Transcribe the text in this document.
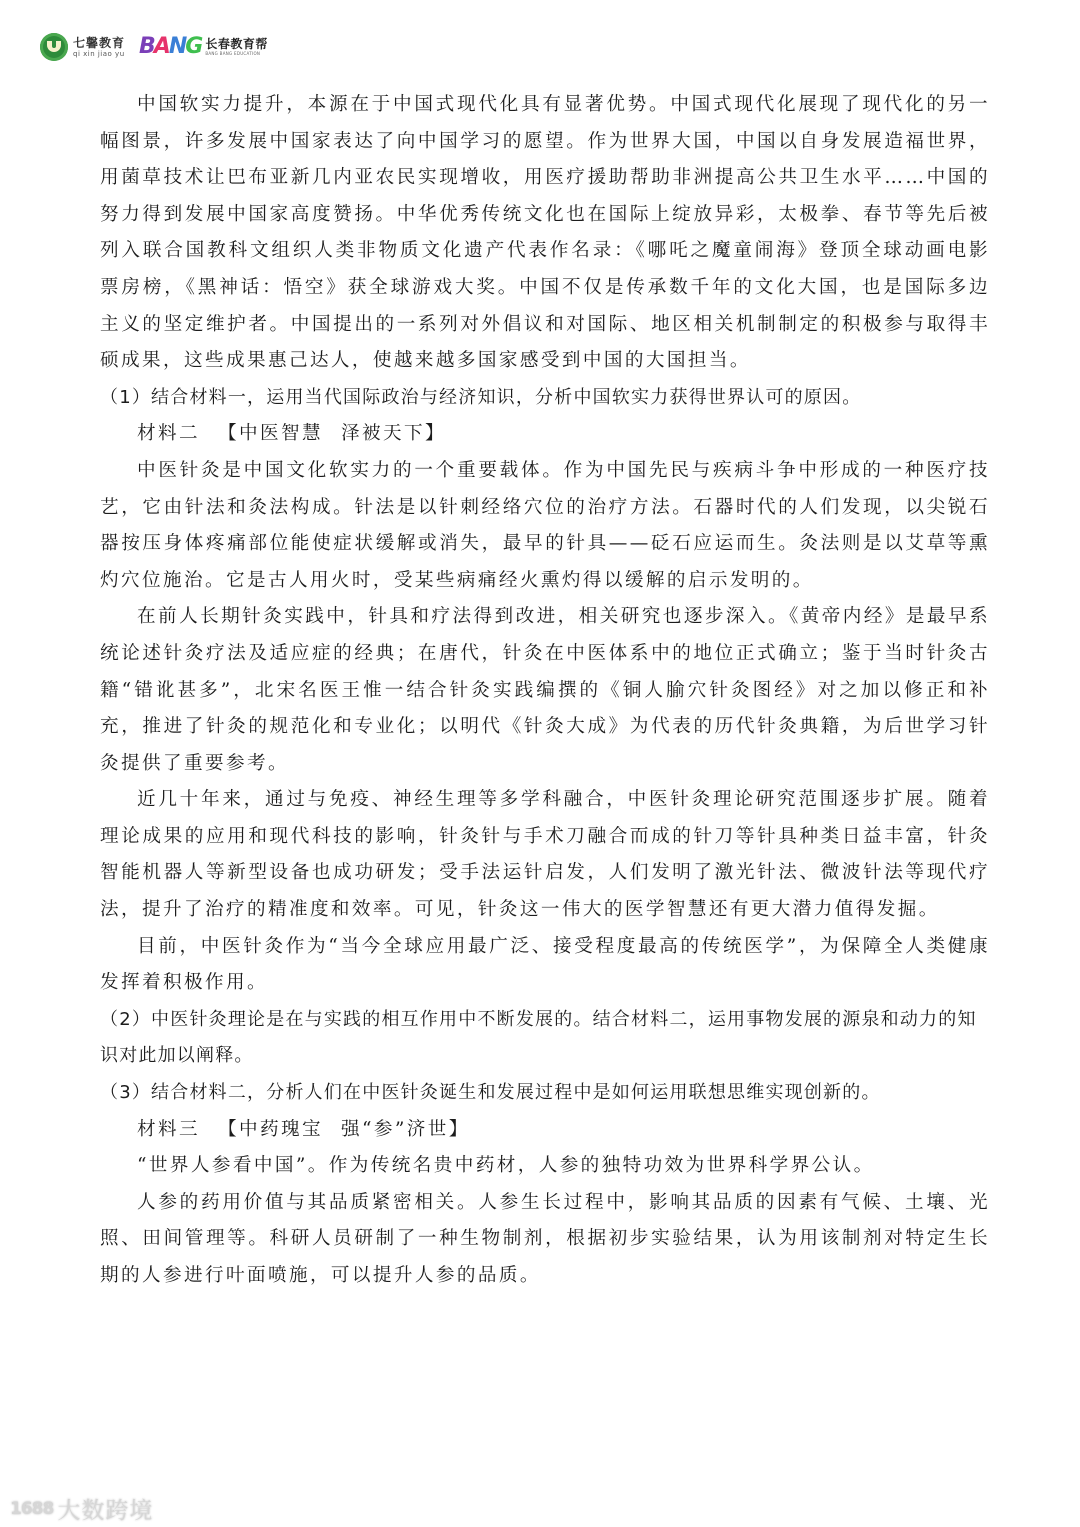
七馨教育
qi xin jiao yu BANG 长春教育帮
BANG BANG EDUCATION

中国软实力提升，本源在于中国式现代化具有显著优势。中国式现代化展现了现代化的另一幅图景，许多发展中国家表达了向中国学习的愿望。作为世界大国，中国以自身发展造福世界，用菌草技术让巴布亚新几内亚农民实现增收，用医疗援助帮助非洲提高公共卫生水平……中国的努力得到发展中国家高度赞扬。中华优秀传统文化也在国际上绽放异彩，太极拳、春节等先后被列入联合国教科文组织人类非物质文化遗产代表作名录：《哪吒之魔童闹海》登顶全球动画电影票房榜，《黑神话：悟空》获全球游戏大奖。中国不仅是传承数千年的文化大国，也是国际多边主义的坚定维护者。中国提出的一系列对外倡议和对国际、地区相关机制制定的积极参与取得丰硕成果，这些成果惠己达人，使越来越多国家感受到中国的大国担当。

（1）结合材料一，运用当代国际政治与经济知识，分析中国软实力获得世界认可的原因。

材料二 【中医智慧 泽被天下】

中医针灸是中国文化软实力的一个重要载体。作为中国先民与疾病斗争中形成的一种医疗技艺，它由针法和灸法构成。针法是以针刺经络穴位的治疗方法。石器时代的人们发现，以尖锐石器按压身体疼痛部位能使症状缓解或消失，最早的针具——砭石应运而生。灸法则是以艾草等熏灼穴位施治。它是古人用火时，受某些病痛经火熏灼得以缓解的启示发明的。

在前人长期针灸实践中，针具和疗法得到改进，相关研究也逐步深入。《黄帝内经》是最早系统论述针灸疗法及适应症的经典；在唐代，针灸在中医体系中的地位正式确立；鉴于当时针灸古籍“错讹甚多”，北宋名医王惟一结合针灸实践编撰的《铜人腧穴针灸图经》对之加以修正和补充，推进了针灸的规范化和专业化；以明代《针灸大成》为代表的历代针灸典籍，为后世学习针灸提供了重要参考。

近几十年来，通过与免疫、神经生理等多学科融合，中医针灸理论研究范围逐步扩展。随着理论成果的应用和现代科技的影响，针灸针与手术刀融合而成的针刀等针具种类日益丰富，针灸智能机器人等新型设备也成功研发；受手法运针启发，人们发明了激光针法、微波针法等现代疗法，提升了治疗的精准度和效率。可见，针灸这一伟大的医学智慧还有更大潜力值得发掘。

目前，中医针灸作为“当今全球应用最广泛、接受程度最高的传统医学”，为保障全人类健康发挥着积极作用。

（2）中医针灸理论是在与实践的相互作用中不断发展的。结合材料二，运用事物发展的源泉和动力的知识对此加以阐释。

（3）结合材料二，分析人们在中医针灸诞生和发展过程中是如何运用联想思维实现创新的。

材料三 【中药瑰宝 强“参”济世】

“世界人参看中国”。作为传统名贵中药材，人参的独特功效为世界科学界公认。

人参的药用价值与其品质紧密相关。人参生长过程中，影响其品质的因素有气候、土壤、光照、田间管理等。科研人员研制了一种生物制剂，根据初步实验结果，认为用该制剂对特定生长期的人参进行叶面喷施，可以提升人参的品质。

1688 大数跨境
